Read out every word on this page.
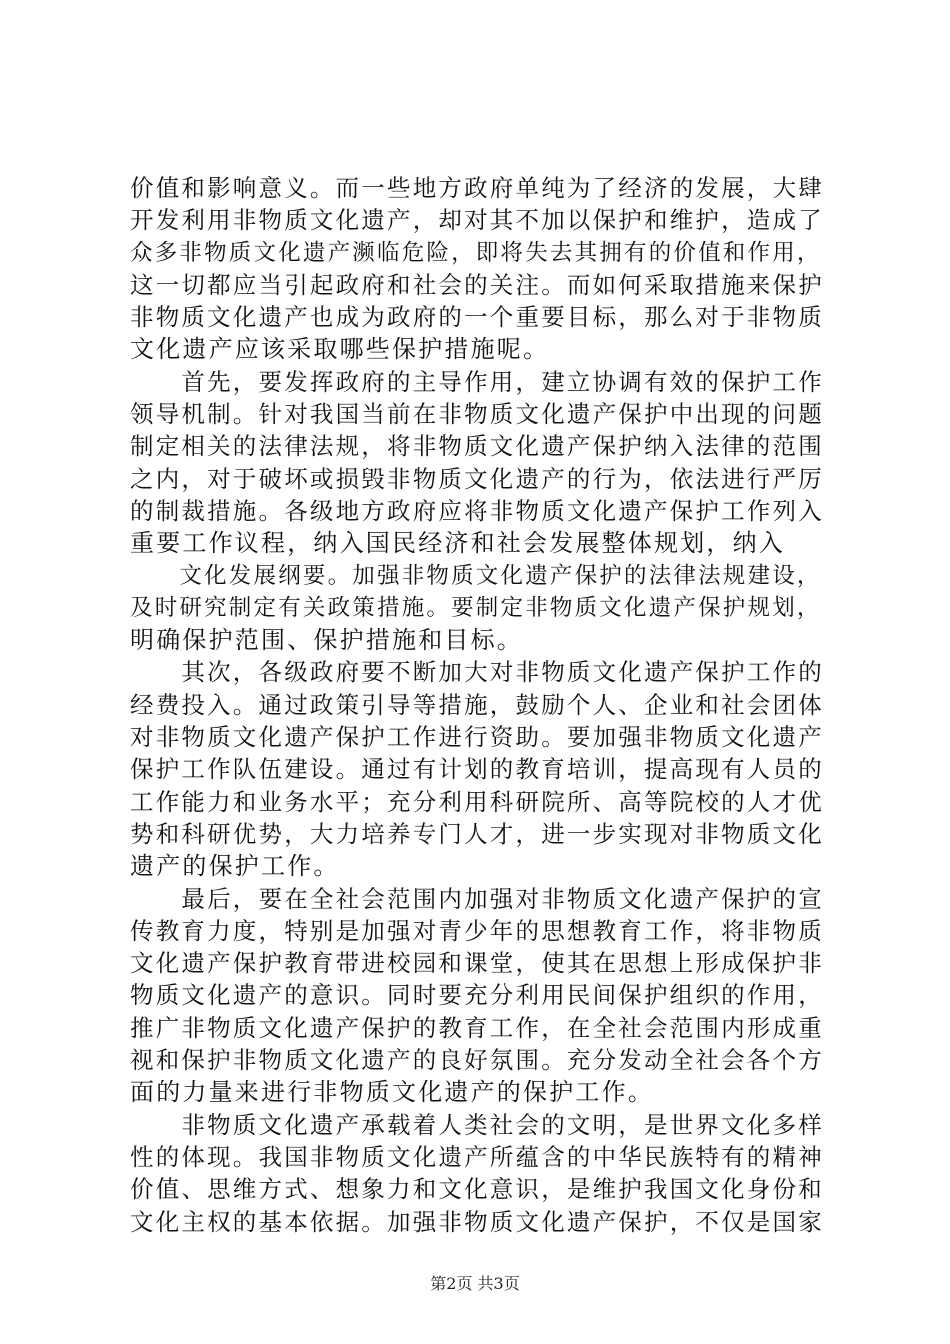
价值和影响意义。而一些地方政府单纯为了经济的发展，大肆
开发利用非物质文化遗产，却对其不加以保护和维护，造成了
众多非物质文化遗产濒临危险，即将失去其拥有的价值和作用，
这一切都应当引起政府和社会的关注。而如何采取措施来保护
非物质文化遗产也成为政府的一个重要目标，那么对于非物质
文化遗产应该采取哪些保护措施呢。
　　首先，要发挥政府的主导作用，建立协调有效的保护工作
领导机制。针对我国当前在非物质文化遗产保护中出现的问题
制定相关的法律法规，将非物质文化遗产保护纳入法律的范围
之内，对于破坏或损毁非物质文化遗产的行为，依法进行严厉
的制裁措施。各级地方政府应将非物质文化遗产保护工作列入
重要工作议程，纳入国民经济和社会发展整体规划，纳入
　　文化发展纲要。加强非物质文化遗产保护的法律法规建设，
及时研究制定有关政策措施。要制定非物质文化遗产保护规划，
明确保护范围、保护措施和目标。
　　其次，各级政府要不断加大对非物质文化遗产保护工作的
经费投入。通过政策引导等措施，鼓励个人、企业和社会团体
对非物质文化遗产保护工作进行资助。要加强非物质文化遗产
保护工作队伍建设。通过有计划的教育培训，提高现有人员的
工作能力和业务水平；充分利用科研院所、高等院校的人才优
势和科研优势，大力培养专门人才，进一步实现对非物质文化
遗产的保护工作。
　　最后，要在全社会范围内加强对非物质文化遗产保护的宣
传教育力度，特别是加强对青少年的思想教育工作，将非物质
文化遗产保护教育带进校园和课堂，使其在思想上形成保护非
物质文化遗产的意识。同时要充分利用民间保护组织的作用，
推广非物质文化遗产保护的教育工作，在全社会范围内形成重
视和保护非物质文化遗产的良好氛围。充分发动全社会各个方
面的力量来进行非物质文化遗产的保护工作。
　　非物质文化遗产承载着人类社会的文明，是世界文化多样
性的体现。我国非物质文化遗产所蕴含的中华民族特有的精神
价值、思维方式、想象力和文化意识，是维护我国文化身份和
文化主权的基本依据。加强非物质文化遗产保护，不仅是国家
第2页 共3页
